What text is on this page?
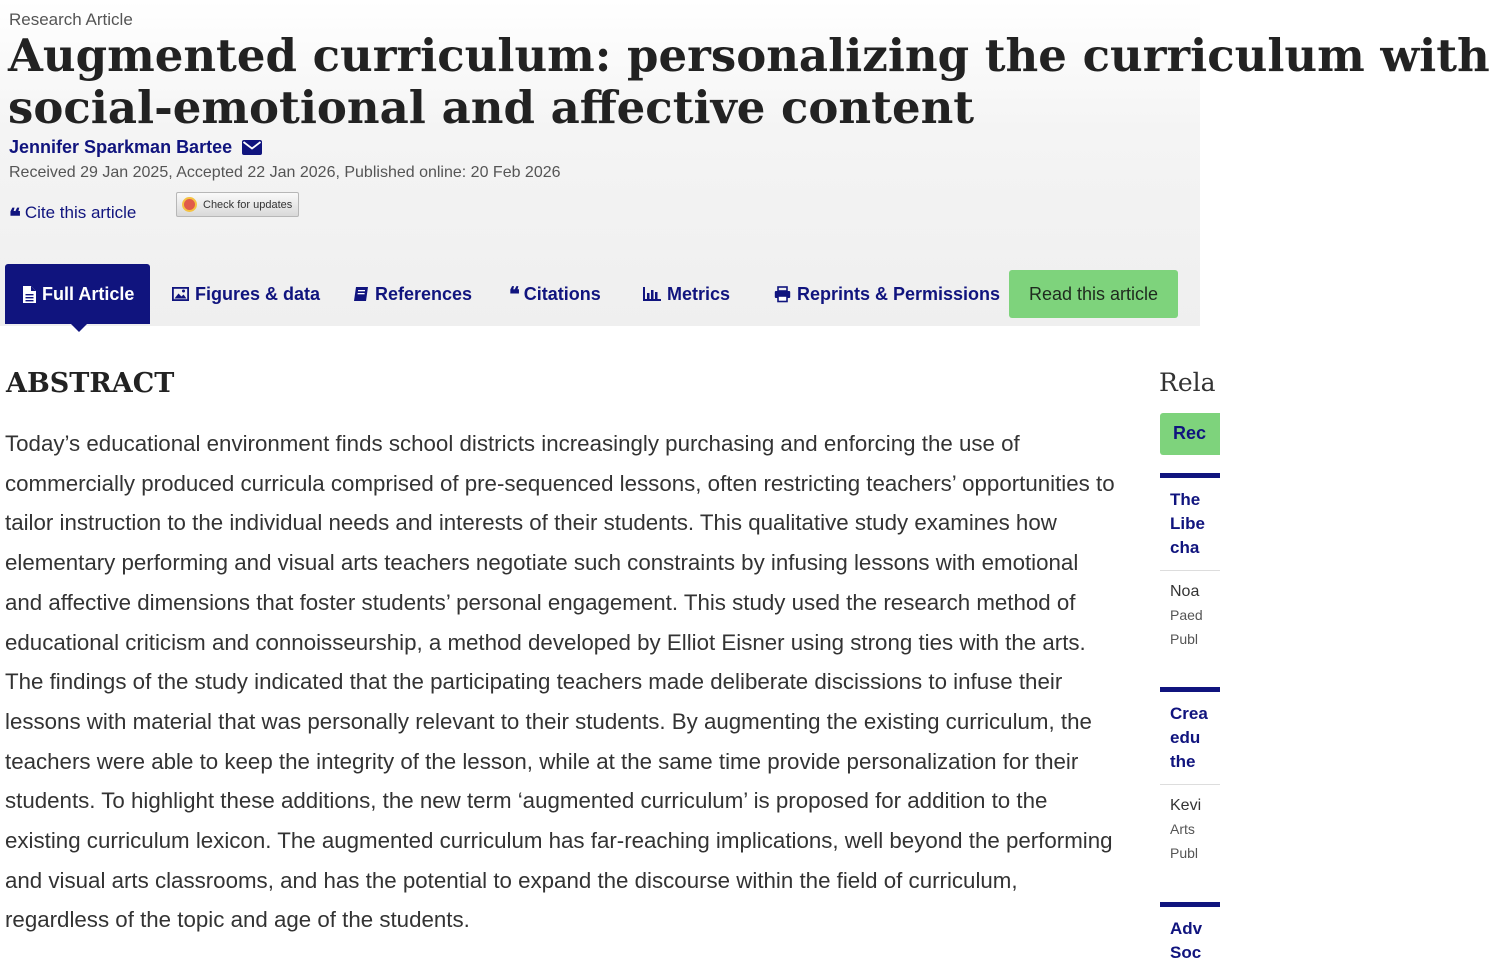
Research Article
Augmented curriculum: personalizing the curriculum with
social-emotional and affective content
Jennifer Sparkman Bartee
Received 29 Jan 2025, Accepted 22 Jan 2026, Published online: 20 Feb 2026
❝ Cite this article	Check for updates
Full Article	Figures & data	References ❝ Citations	Metrics	Reprints & Permissions	Read this article
ABSTRACT

Today’s educational environment finds school districts increasingly purchasing and enforcing the use of commercially produced curricula comprised of pre-sequenced lessons, often restricting teachers’ opportunities to tailor instruction to the individual needs and interests of their students. This qualitative study examines how elementary performing and visual arts teachers negotiate such constraints by infusing lessons with emotional and affective dimensions that foster students’ personal engagement. This study used the research method of educational criticism and connoisseurship, a method developed by Elliot Eisner using strong ties with the arts. The findings of the study indicated that the participating teachers made deliberate discissions to infuse their lessons with material that was personally relevant to their students. By augmenting the existing curriculum, the teachers were able to keep the integrity of the lesson, while at the same time provide personalization for their students. To highlight these additions, the new term ‘augmented curriculum’ is proposed for addition to the existing curriculum lexicon. The augmented curriculum has far-reaching implications, well beyond the performing and visual arts classrooms, and has the potential to expand the discourse within the field of curriculum, regardless of the topic and age of the students.

Rela
Rec
The
Libe
cha
Noa
Paed
Publ
Crea
edu
the
Kevi
Arts
Publ
Adv
Soc
